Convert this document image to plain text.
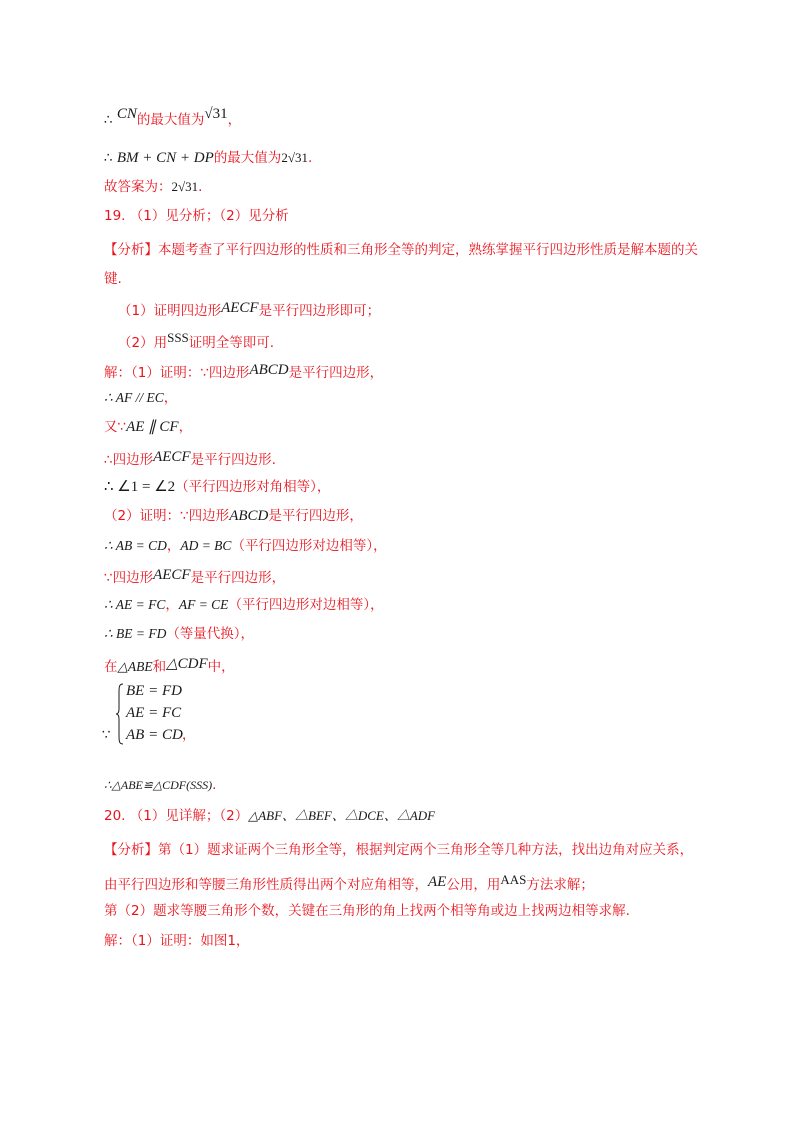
∴ CN的最大值为√31，
∴ BM + CN + DP的最大值为2√31.
故答案为：2√31.
19. （1）见分析；（2）见分析
【分析】本题考查了平行四边形的性质和三角形全等的判定，熟练掌握平行四边形性质是解本题的关
键.
（1）证明四边形AECF是平行四边形即可；
（2）用SSS证明全等即可.
解：（1）证明：∵四边形ABCD是平行四边形，
∴ AF // EC，
又∵AE ∥ CF，
∴四边形AECF是平行四边形.
∴ ∠1 = ∠2（平行四边形对角相等），
（2）证明：∵四边形ABCD是平行四边形，
∴ AB = CD，AD = BC（平行四边形对边相等），
∵四边形AECF是平行四边形，
∴ AE = FC，AF = CE（平行四边形对边相等），
∴ BE = FD（等量代换），
在△ABE和△CDF中，
∵
BE = FD
AE = FC
AB = CD ，
∴△ABE≌△CDF(SSS).
20. （1）见详解；（2）△ABF、△BEF、△DCE、△ADF
【分析】第（1）题求证两个三角形全等，根据判定两个三角形全等几种方法，找出边角对应关系，
由平行四边形和等腰三角形性质得出两个对应角相等，AE公用，用AAS方法求解；
第（2）题求等腰三角形个数，关键在三角形的角上找两个相等角或边上找两边相等求解.
解：（1）证明：如图1，
